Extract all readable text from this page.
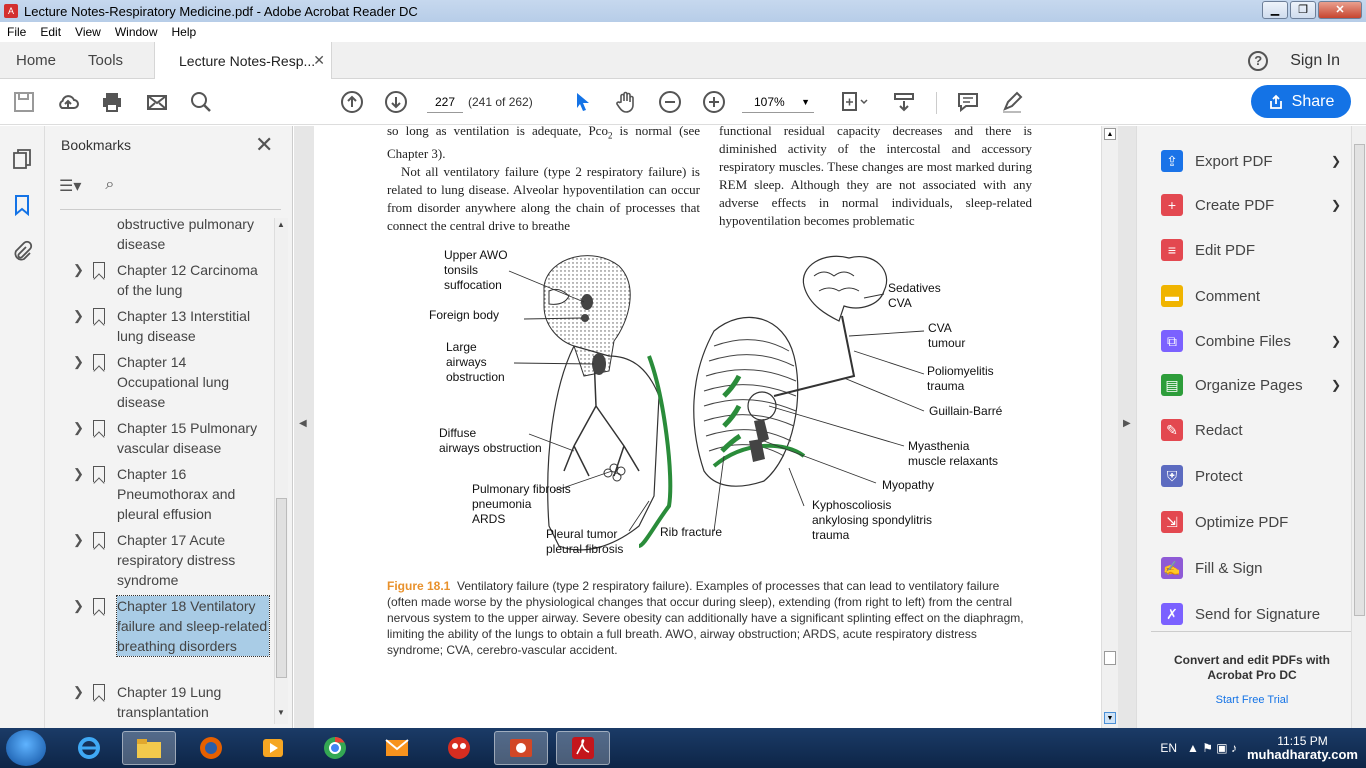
A Lecture Notes-Respiratory Medicine.pdf - Adobe Acrobat Reader DC	▁	❐	✕
File	Edit	View	Window	Help
Home	Tools	Lecture Notes-Resp...
✕	?	Sign In
227	(241 of 262)	107% ▼	Share
Bookmarks	✕
☰▾ ⌕
obstructive pulmonary disease
❯ Chapter 12 Carcinoma of the lung
❯ Chapter 13 Interstitial lung disease
❯ Chapter 14 Occupational lung disease
❯ Chapter 15 Pulmonary vascular disease
❯ Chapter 16 Pneumothorax and pleural effusion
❯ Chapter 17 Acute respiratory distress syndrome
❯ Chapter 18 Ventilatory failure and sleep-related breathing disorders
❯ Chapter 19 Lung transplantation
▲
▼
◀
so long as ventilation is adequate, Pco$_2$ is normal (see Chapter 3).
Not all ventilatory failure (type 2 respiratory failure) is related to lung disease. Alveolar hypoventilation can occur from disorder anywhere along the chain of processes that connect the central drive to breathe
functional residual capacity decreases and there is diminished activity of the intercostal and accessory respiratory muscles. These changes are most marked during REM sleep. Although they are not associated with any adverse effects in normal individuals, sleep-related hypoventilation becomes problematic
Upper AWO
tonsils
suffocation
Foreign body
Large
airways
obstruction
Diffuse
airways obstruction
Pulmonary fibrosis
pneumonia
ARDS
Pleural tumor
pleural fibrosis
Rib fracture
Sedatives
CVA
CVA
tumour
Poliomyelitis
trauma
Guillain-Barré
Myasthenia
muscle relaxants
Myopathy
Kyphoscoliosis
ankylosing spondylitris
trauma
Figure 18.1 Ventilatory failure (type 2 respiratory failure). Examples of processes that can lead to ventilatory failure (often made worse by the physiological changes that occur during sleep), extending (from right to left) from the central nervous system to the upper airway. Severe obesity can additionally have a significant splinting effect on the diaphragm, limiting the ability of the lungs to obtain a full breath. AWO, airway obstruction; ARDS, acute respiratory distress syndrome; CVA, cerebro-vascular accident.
▲
▼
▶
⇪	Export PDF	❯
+	Create PDF	❯
≡	Edit PDF
▬ Comment
⧉	Combine Files	❯
▤ Organize Pages ❯
✎	Redact
⛨	Protect
⇲	Optimize PDF
✍ Fill & Sign
✗	Send for Signature
Convert and edit PDFs with Acrobat Pro DC
Start Free Trial
EN ▲ ⚑ ▣ ♪	11:15 PM
muhadharaty.com
